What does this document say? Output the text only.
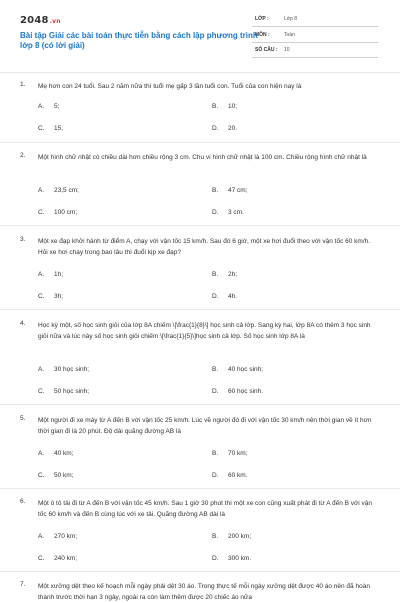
2048.vn
Bài tập Giải các bài toán thực tiễn bằng cách lập phương trình lớp 8 (có lời giải)
LỚP :	Lớp 8
MÔN :	Toán
SỐ CÂU : 10
1. Mẹ hơn con 24 tuổi. Sau 2 năm nữa thì tuổi mẹ gấp 3 lần tuổi con. Tuổi của con hiện nay là
A. 5;	B. 10;
C. 15;	D. 20.
2. Một hình chữ nhật có chiều dài hơn chiều rộng 3 cm. Chu vi hình chữ nhật là 100 cm. Chiều rộng hình chữ nhật là
A. 23,5 cm;	B. 47 cm;
C. 100 cm;	D. 3 cm.
3. Một xe đạp khởi hành từ điểm A, chạy với vận tốc 15 km/h. Sau đó 6 giờ, một xe hơi đuổi theo với vận tốc 60 km/h. Hỏi xe hơi chạy trong bao lâu thì đuổi kịp xe đạp?
A. 1h;	B. 2h;
C. 3h;	D. 4h.
4. Học kỳ một, số học sinh giỏi của lớp 8A chiếm \[\frac{1}{8}\] học sinh cả lớp. Sang kỳ hai, lớp 8A có thêm 3 học sinh giỏi nữa và lúc này số học sinh giỏi chiếm \[\frac{1}{5}\]học sinh cả lớp. Số học sinh lớp 8A là
A. 30 học sinh;	B. 40 học sinh;
C. 50 học sinh;	D. 60 học sinh.
5. Một người đi xe máy từ A đến B với vận tốc 25 km/h. Lúc về người đó đi với vận tốc 30 km/h nên thời gian về ít hơn thời gian đi là 20 phút. Độ dài quãng đường AB là
A. 40 km;	B. 70 km;
C. 50 km;	D. 60 km.
6. Một ô tô tải đi từ A đến B với vận tốc 45 km/h. Sau 1 giờ 30 phút thì một xe con cũng xuất phát đi từ A đến B với vận tốc 60 km/h và đến B cùng lúc với xe tải. Quãng đường AB dài là
A. 270 km;	B. 200 km;
C. 240 km;	D. 300 km.
7. Một xưởng dệt theo kế hoạch mỗi ngày phải dệt 30 áo. Trong thực tế mỗi ngày xưởng dệt được 40 áo nên đã hoàn thành trước thời hạn 3 ngày, ngoài ra còn làm thêm được 20 chiếc áo nữa
